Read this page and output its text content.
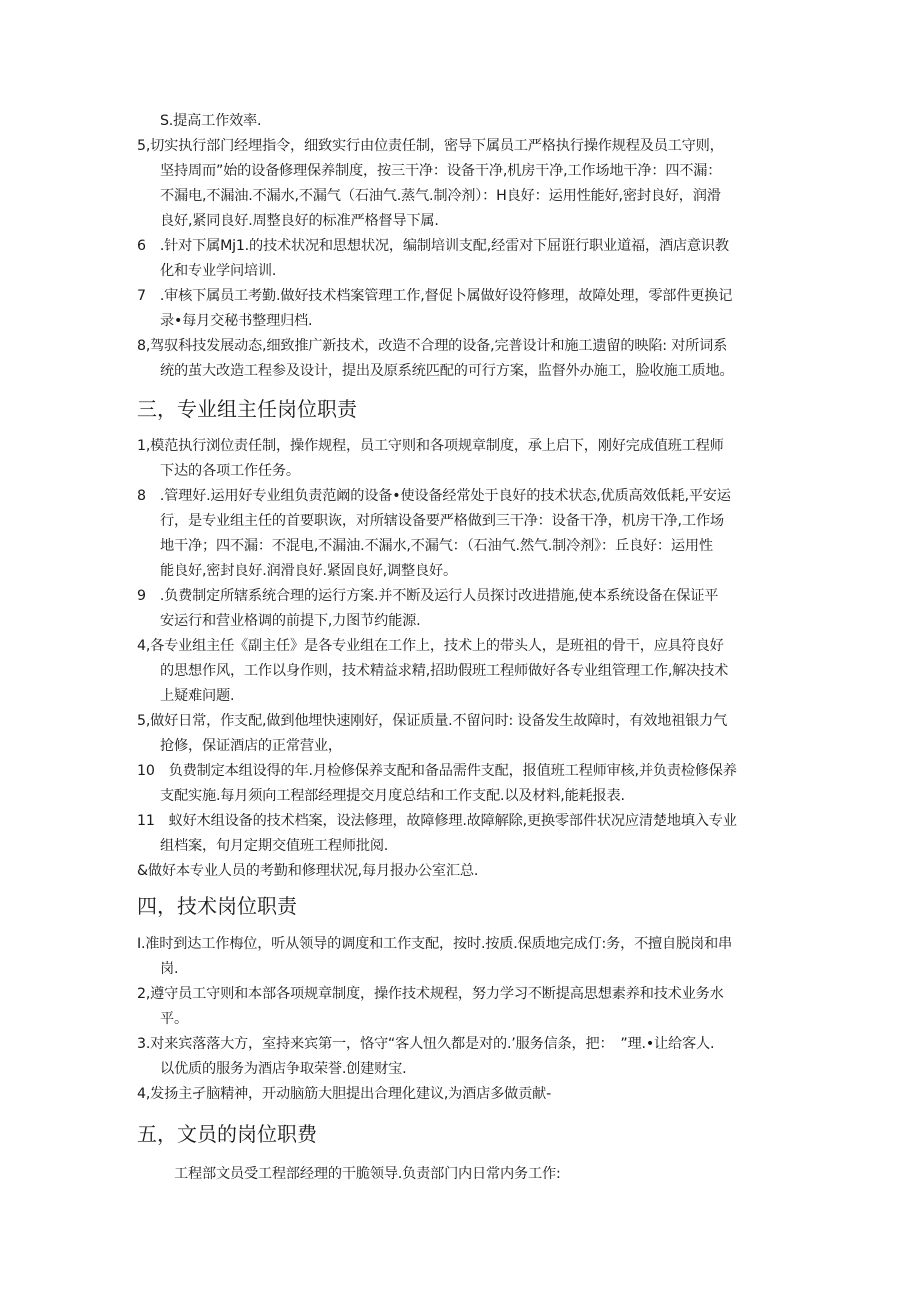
S.提高工作效率.
5,切实执行部门经埋指令，细致实行由位责任制，密导下属员工严格执行操作规程及员工守则，
坚持周而”始的设备修理保养制度，按三干净：设备干净,机房干净,工作场地干净：四不漏：
不漏电,不漏油.不漏水,不漏气（石油气.蒸气.制冷剂）：H良好：运用性能好,密封良好，润滑
良好,紧同良好.周整良好的标准严格督导下属.
6　.针对下属Mj1.的技术状况和思想状况，编制培训支配,经雷对下屈诳行职业道福，酒店意识教
化和专业学问培训.
7　.审核下属员工考勤.做好技术档案管理工作,督促卜属做好设符修理，故障处理，零部件更换记
录•每月交秘书整理归档.
8,驾驭科技发展动态,细致推广新技术，改造不合理的设备,完普设计和施工遗留的映陷: 对所词系
统的茧大改造工程参及设计，提出及原系统匹配的可行方案，监督外办施工，脸收施工质地。
三，专业组主任岗位职责
1,模范执行浏位责任制，操作规程，员工守则和各项规章制度，承上启下，刚好完成值班工程师
下达的各项工作任务。
8　.管理好.运用好专业组负责范阚的设备•使设备经常处于良好的技术状态,优质高效低耗,平安运
行，是专业组主任的首要职诙，对所辖设备要严格做到三干净：设备干净，机房干净,工作场
地干净；四不漏：不混电,不漏油.不漏水,不漏气：（石油气.然气.制冷剂》：丘良好：运用性
能良好,密封良好.润滑良好.紧固良好,调整良好。
9　.负费制定所辖系统合理的运行方案.并不断及运行人员探讨改进措施,使本系统设备在保证平
安运行和营业格调的前提下,力图节约能源.
4,各专业组主任《副主任》是各专业组在工作上，技术上的带头人，是班祖的骨干，应具符良好
的思想作风，工作以身作则，技术精益求精,招助假班工程师做好各专业组管理工作,解决技术
上疑难问题.
5,做好日常，作支配,做到他埋快速刚好，保证质量.不留问时: 设备发生故障时，有效地祖银力气
抢修，保证酒店的正常营业，
10　负费制定本组设得的年.月检修保养支配和备品需件支配，报值班工程师审核,并负责检修保养
支配实施.每月须向工程部经理提交月度总结和工作支配.以及材料,能耗报表.
11　蚁好木组设备的技术档案，设法修理，故障修理.故障解除,更换零部件状况应清楚地填入专业
组档案，旬月定期交值班工程师批阅.
&做好本专业人员的考勤和修理状况,每月报办公室汇总.
四，技术岗位职责
I.准时到达工作梅位，听从领导的调度和工作支配，按时.按质.保质地完成仃:务，不擅自脱岗和串
岗.
2,遵守员工守则和本部各项规章制度，操作技术规程，努力学习不断提高思想素养和技术业务水
平。
3.对来宾落落大方，室持来宾第一，恪守“客人忸久都是对的.’服务信条，把：　”理.•让给客人.
以优质的服务为酒店争取荣誉.创建财宝.
4,发扬主孑脑精神，开动脑筋大胆提出合理化建议,为酒店多做贡献-
五，文员的岗位职费
工程部文员受工程部经理的干脆领导.负责部门内日常内务工作:
